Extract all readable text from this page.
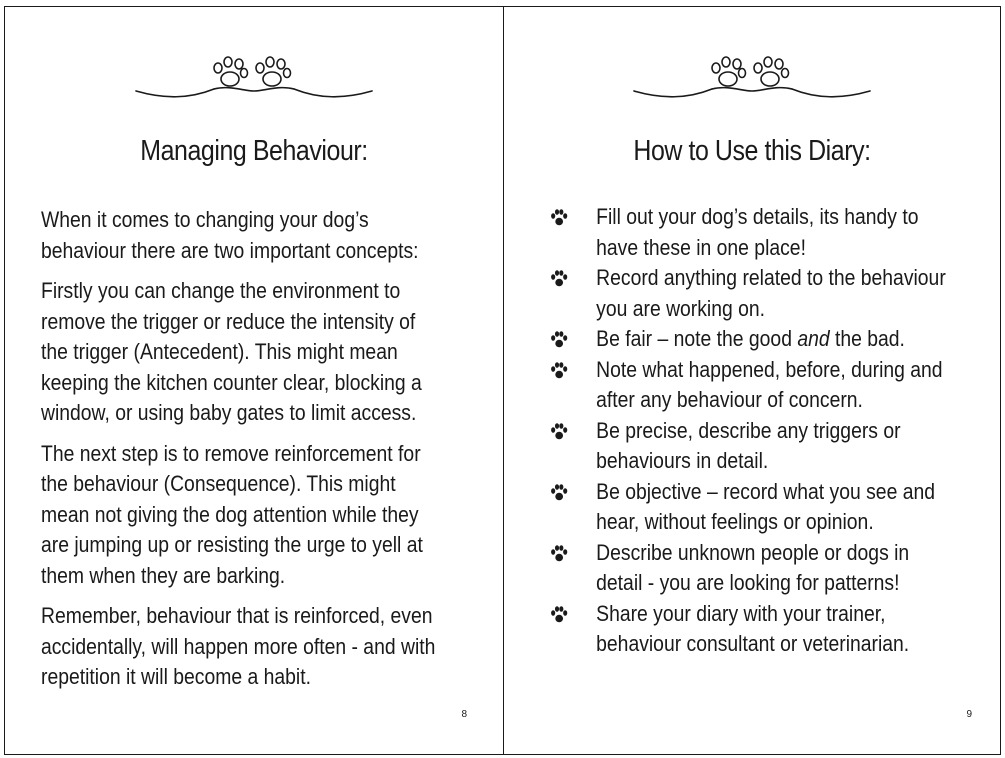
Managing Behaviour:

When it comes to changing your dog’s behaviour there are two important concepts:

Firstly you can change the environment to remove the trigger or reduce the intensity of the trigger (Antecedent). This might mean keeping the kitchen counter clear, blocking a window, or using baby gates to limit access.

The next step is to remove reinforcement for the behaviour (Consequence). This might mean not giving the dog attention while they are jumping up or resisting the urge to yell at them when they are barking.

Remember, behaviour that is reinforced, even accidentally, will happen more often - and with repetition it will become a habit.

8
How to Use this Diary:
Fill out your dog’s details, its handy to have these in one place!
Record anything related to the behaviour you are working on.
Be fair – note the good and the bad.
Note what happened, before, during and after any behaviour of concern.
Be precise, describe any triggers or behaviours in detail.
Be objective – record what you see and hear, without feelings or opinion.
Describe unknown people or dogs in detail - you are looking for patterns!
Share your diary with your trainer, behaviour consultant or veterinarian.
9
